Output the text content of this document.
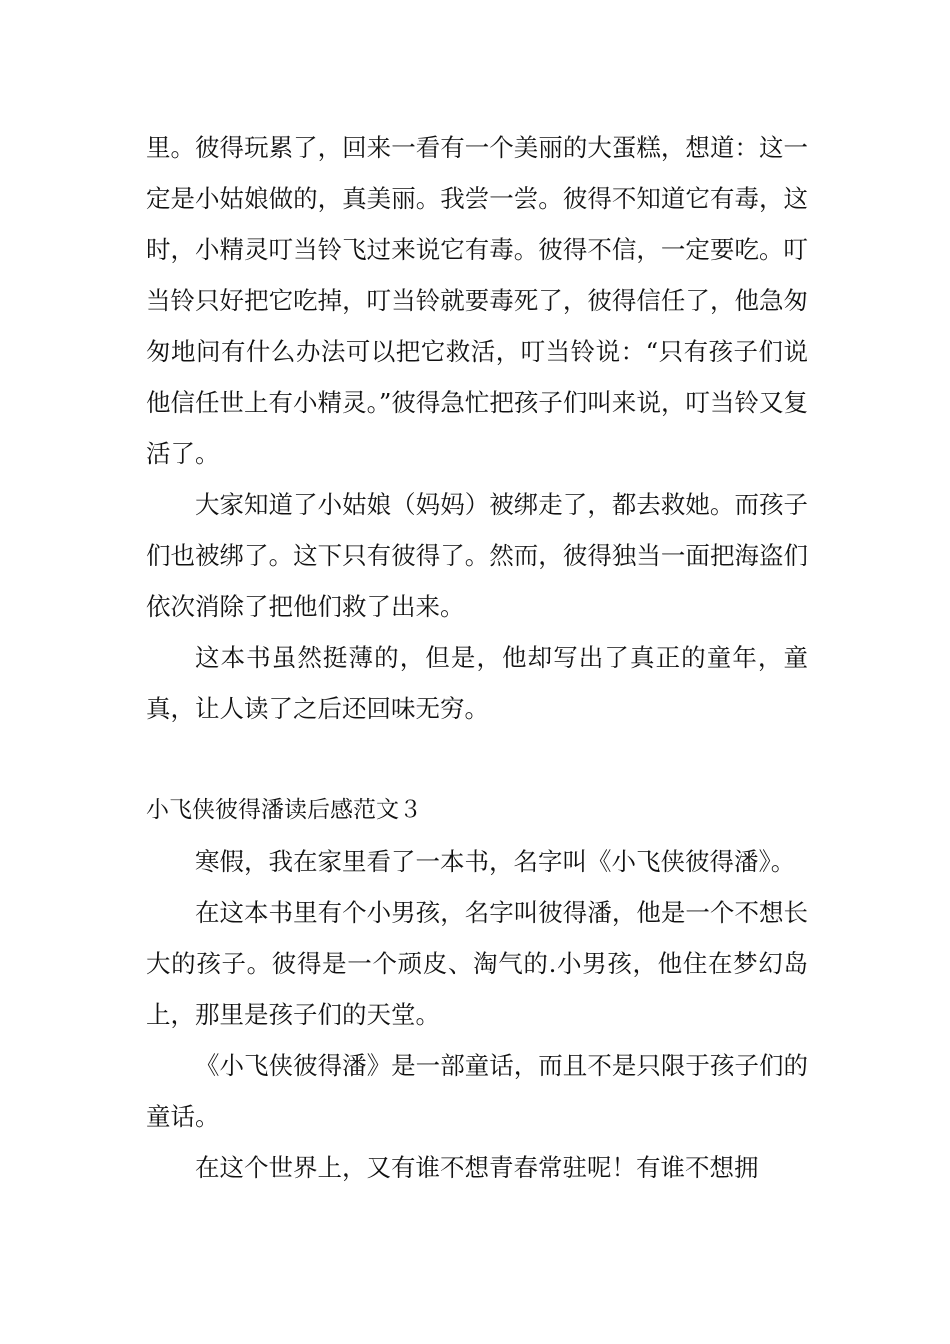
里。彼得玩累了，回来一看有一个美丽的大蛋糕，想道：这一定是小姑娘做的，真美丽。我尝一尝。彼得不知道它有毒，这时，小精灵叮当铃飞过来说它有毒。彼得不信，一定要吃。叮当铃只好把它吃掉，叮当铃就要毒死了，彼得信任了，他急匆匆地问有什么办法可以把它救活，叮当铃说：“只有孩子们说他信任世上有小精灵。”彼得急忙把孩子们叫来说，叮当铃又复活了。

大家知道了小姑娘（妈妈）被绑走了，都去救她。而孩子们也被绑了。这下只有彼得了。然而，彼得独当一面把海盗们依次消除了把他们救了出来。

这本书虽然挺薄的，但是，他却写出了真正的童年，童真，让人读了之后还回味无穷。

小飞侠彼得潘读后感范文３

寒假，我在家里看了一本书，名字叫《小飞侠彼得潘》。

在这本书里有个小男孩，名字叫彼得潘，他是一个不想长大的孩子。彼得是一个顽皮、淘气的.小男孩，他住在梦幻岛上，那里是孩子们的天堂。

《小飞侠彼得潘》是一部童话，而且不是只限于孩子们的童话。

在这个世界上，又有谁不想青春常驻呢！有谁不想拥
